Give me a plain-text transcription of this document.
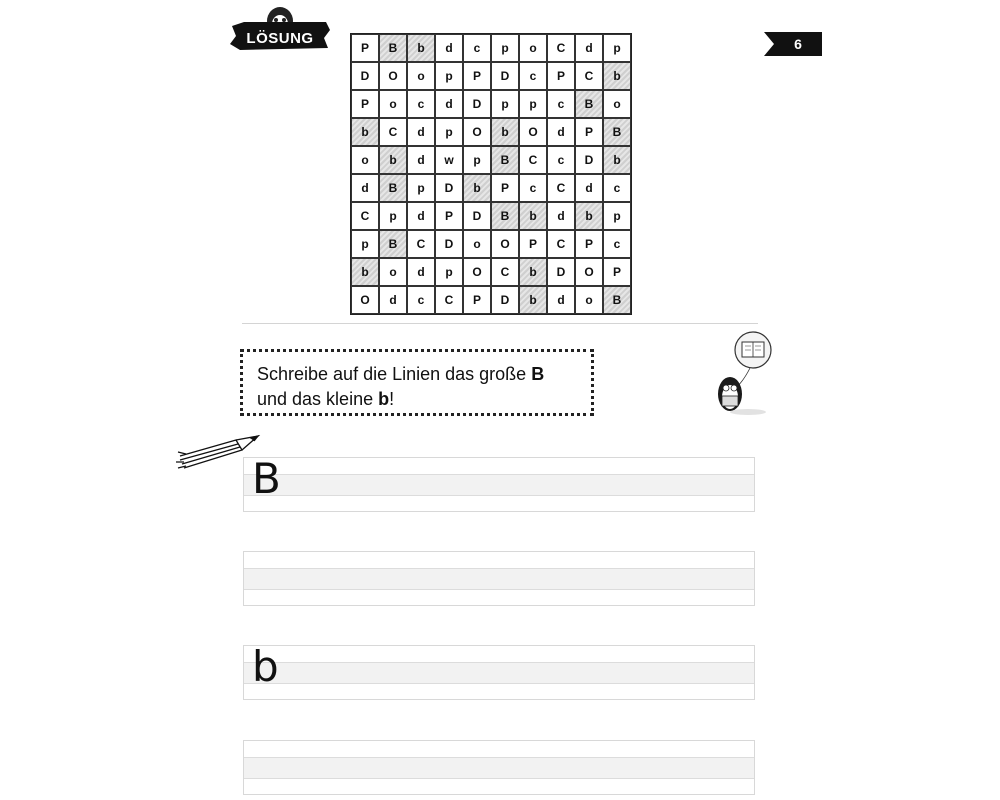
LÖSUNG	6
P	B	b	d	c	p	o	C	d	p
D	O	o	p	P	D	c	P	C	b
P	o	c	d	D	p	p	c	B	o
b	C	d	p	O	b	O	d	P	B
o	b	d	w	p	B	C	c	D	b
d	B	p	D	b	P	c	C	d	c
C	p	d	P	D	B	b	d	b	p
p	B	C	D	o	O	P	C	P	c
b	o	d	p	O	C	b	D	O	P
O	d	c	C	P	D	b	d	o	B
Schreibe auf die Linien das große B
und das kleine b!
B
b
